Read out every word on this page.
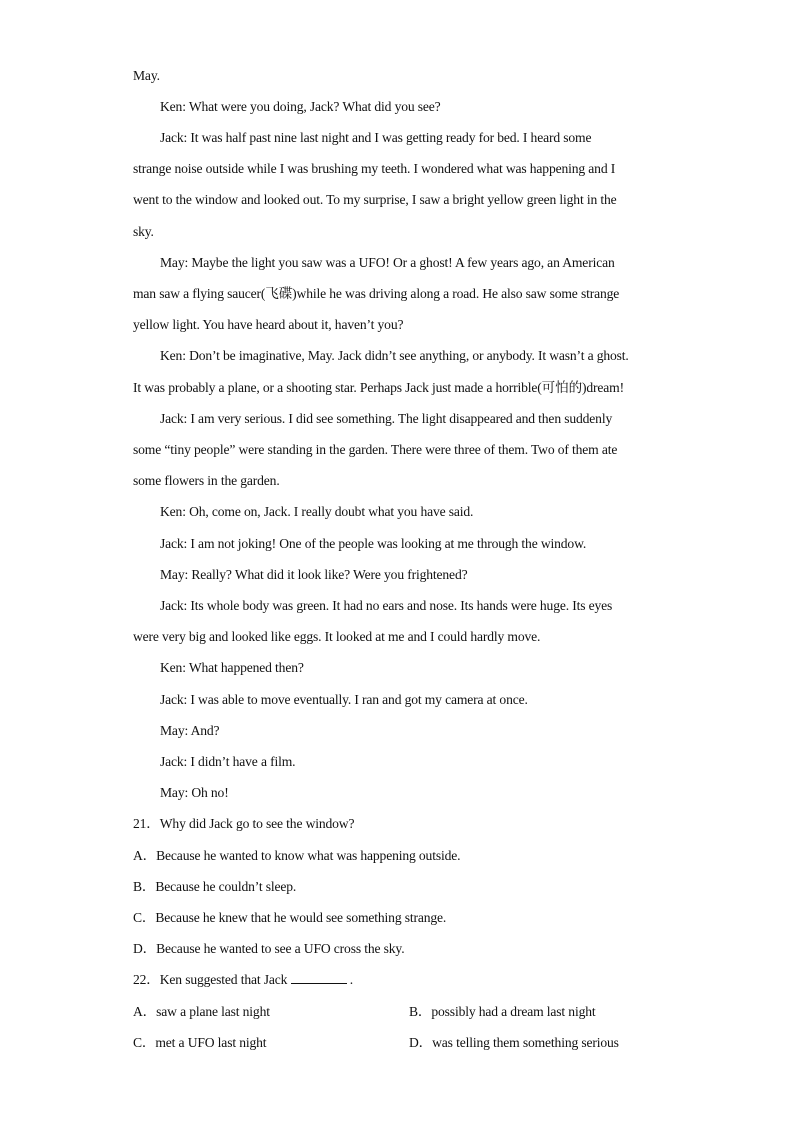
May.
Ken: What were you doing, Jack? What did you see?
Jack: It was half past nine last night and I was getting ready for bed. I heard some
strange noise outside while I was brushing my teeth. I wondered what was happening and I
went to the window and looked out. To my surprise, I saw a bright yellow green light in the
sky.
May: Maybe the light you saw was a UFO! Or a ghost! A few years ago, an American
man saw a flying saucer(飞碟)while he was driving along a road. He also saw some strange
yellow light. You have heard about it, haven’t you?
Ken: Don’t be imaginative, May. Jack didn’t see anything, or anybody. It wasn’t a ghost.
It was probably a plane, or a shooting star. Perhaps Jack just made a horrible(可怕的)dream!
Jack: I am very serious. I did see something. The light disappeared and then suddenly
some “tiny people” were standing in the garden. There were three of them. Two of them ate
some flowers in the garden.
Ken: Oh, come on, Jack. I really doubt what you have said.
Jack: I am not joking! One of the people was looking at me through the window.
May: Really? What did it look like? Were you frightened?
Jack: Its whole body was green. It had no ears and nose. Its hands were huge. Its eyes
were very big and looked like eggs. It looked at me and I could hardly move.
Ken: What happened then?
Jack: I was able to move eventually. I ran and got my camera at once.
May: And?
Jack: I didn’t have a film.
May: Oh no!
21．Why did Jack go to see the window?
A．Because he wanted to know what was happening outside.
B．Because he couldn’t sleep.
C．Because he knew that he would see something strange.
D．Because he wanted to see a UFO cross the sky.
22．Ken suggested that Jack	.
A．saw a plane last night	B．possibly had a dream last night
C．met a UFO last night	D．was telling them something serious
